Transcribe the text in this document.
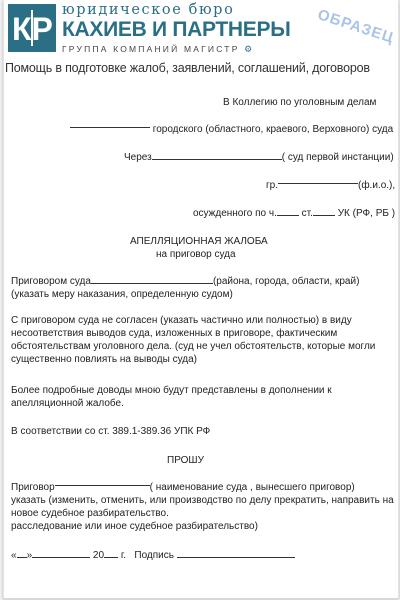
КР
юридическое бюро
КАХИЕВ И ПАРТНЕРЫ
ГРУППА КОМПАНИЙ МАГИСТР ⚙
ОБРАЗЕЦ
Помощь в подготовке жалоб, заявлений, соглашений, договоров
В Коллегию по уголовным делам
городского (областного, краевого, Верховного) суда
Через	( суд первой инстанции)
гр.	(ф.и.о.),
осужденного по ч. ст. УК (РФ, РБ )
АПЕЛЛЯЦИОННАЯ ЖАЛОБА
на приговор суда
Приговором суда	(района, города, области, край)
(указать меру наказания, определенную судом)
С приговором суда не согласен (указать частично или полностью) в виду
несоответствия выводов суда, изложенных в приговоре, фактическим
обстоятельствам уголовного дела. (суд не учел обстоятельств, которые могли
существенно повлиять на выводы суда)
Более подробные доводы мною будут представлены в дополнении к
апелляционной жалобе.
В соответствии со ст. 389.1-389.36 УПК РФ
ПРОШУ
Приговор	( наименование суда , вынесшего приговор)
указать (изменить, отменить, или производство по делу прекратить, направить на
новое судебное разбирательство.
расследование или иное судебное разбирательство)
« »	20 г. Подпись
